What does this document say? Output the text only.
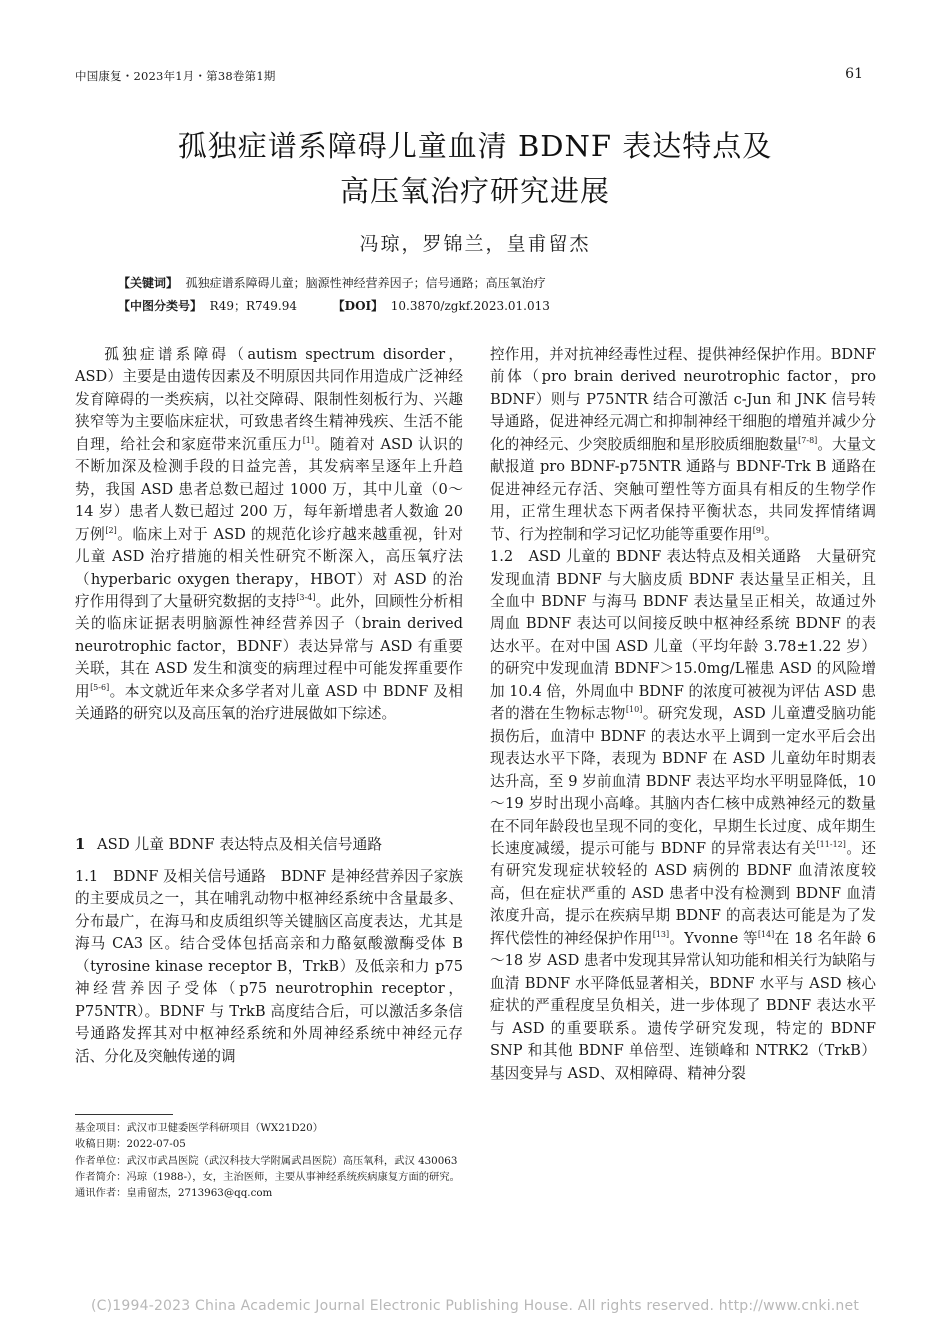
中国康复・2023年1月・第38卷第1期	61
孤独症谱系障碍儿童血清 BDNF 表达特点及
高压氧治疗研究进展
冯琼，罗锦兰，皇甫留杰
【关键词】 孤独症谱系障碍儿童；脑源性神经营养因子；信号通路；高压氧治疗
【中图分类号】 R49；R749.94	【DOI】 10.3870/zgkf.2023.01.013

孤独症谱系障碍（autism spectrum disorder，ASD）主要是由遗传因素及不明原因共同作用造成广泛神经发育障碍的一类疾病，以社交障碍、限制性刻板行为、兴趣狭窄等为主要临床症状，可致患者终生精神残疾、生活不能自理，给社会和家庭带来沉重压力[1]。随着对 ASD 认识的不断加深及检测手段的日益完善，其发病率呈逐年上升趋势，我国 ASD 患者总数已超过 1000 万，其中儿童（0～14 岁）患者人数已超过 200 万，每年新增患者人数逾 20 万例[2]。临床上对于 ASD 的规范化诊疗越来越重视，针对儿童 ASD 治疗措施的相关性研究不断深入，高压氧疗法（hyperbaric oxygen therapy，HBOT）对 ASD 的治疗作用得到了大量研究数据的支持[3-4]。此外，回顾性分析相关的临床证据表明脑源性神经营养因子（brain derived neurotrophic factor，BDNF）表达异常与 ASD 有重要关联，其在 ASD 发生和演变的病理过程中可能发挥重要作用[5-6]。本文就近年来众多学者对儿童 ASD 中 BDNF 及相关通路的研究以及高压氧的治疗进展做如下综述。

1 ASD 儿童 BDNF 表达特点及相关信号通路
1.1　BDNF 及相关信号通路　BDNF 是神经营养因子家族的主要成员之一，其在哺乳动物中枢神经系统中含量最多、分布最广，在海马和皮质组织等关键脑区高度表达，尤其是海马 CA3 区。结合受体包括高亲和力酪氨酸激酶受体 B（tyrosine kinase receptor B，TrkB）及低亲和力 p75 神经营养因子受体（p75 neurotrophin receptor，P75NTR）。BDNF 与 TrkB 高度结合后，可以激活多条信号通路发挥其对中枢神经系统和外周神经系统中神经元存活、分化及突触传递的调
基金项目：武汉市卫健委医学科研项目（WX21D20）
收稿日期：2022-07-05
作者单位：武汉市武昌医院（武汉科技大学附属武昌医院）高压氧科，武汉 430063
作者简介：冯琼（1988-），女，主治医师，主要从事神经系统疾病康复方面的研究。
通讯作者：皇甫留杰，2713963@qq.com

控作用，并对抗神经毒性过程、提供神经保护作用。BDNF 前体（pro brain derived neurotrophic factor，pro BDNF）则与 P75NTR 结合可激活 c-Jun 和 JNK 信号转导通路，促进神经元凋亡和抑制神经干细胞的增殖并减少分化的神经元、少突胶质细胞和星形胶质细胞数量[7-8]。大量文献报道 pro BDNF-p75NTR 通路与 BDNF-Trk B 通路在促进神经元存活、突触可塑性等方面具有相反的生物学作用，正常生理状态下两者保持平衡状态，共同发挥情绪调节、行为控制和学习记忆功能等重要作用[9]。

1.2　ASD 儿童的 BDNF 表达特点及相关通路　大量研究发现血清 BDNF 与大脑皮质 BDNF 表达量呈正相关，且全血中 BDNF 与海马 BDNF 表达量呈正相关，故通过外周血 BDNF 表达可以间接反映中枢神经系统 BDNF 的表达水平。在对中国 ASD 儿童（平均年龄 3.78±1.22 岁）的研究中发现血清 BDNF＞15.0mg/L罹患 ASD 的风险增加 10.4 倍，外周血中 BDNF 的浓度可被视为评估 ASD 患者的潜在生物标志物[10]。研究发现，ASD 儿童遭受脑功能损伤后，血清中 BDNF 的表达水平上调到一定水平后会出现表达水平下降，表现为 BDNF 在 ASD 儿童幼年时期表达升高，至 9 岁前血清 BDNF 表达平均水平明显降低，10～19 岁时出现小高峰。其脑内杏仁核中成熟神经元的数量在不同年龄段也呈现不同的变化，早期生长过度、成年期生长速度减缓，提示可能与 BDNF 的异常表达有关[11-12]。还有研究发现症状较轻的 ASD 病例的 BDNF 血清浓度较高，但在症状严重的 ASD 患者中没有检测到 BDNF 血清浓度升高，提示在疾病早期 BDNF 的高表达可能是为了发挥代偿性的神经保护作用[13]。Yvonne 等[14]在 18 名年龄 6～18 岁 ASD 患者中发现其异常认知功能和相关行为缺陷与血清 BDNF 水平降低显著相关，BDNF 水平与 ASD 核心症状的严重程度呈负相关，进一步体现了 BDNF 表达水平与 ASD 的重要联系。遗传学研究发现，特定的 BDNF SNP 和其他 BDNF 单倍型、连锁峰和 NTRK2（TrkB）基因变异与 ASD、双相障碍、精神分裂

(C)1994-2023 China Academic Journal Electronic Publishing House. All rights reserved. http://www.cnki.net
